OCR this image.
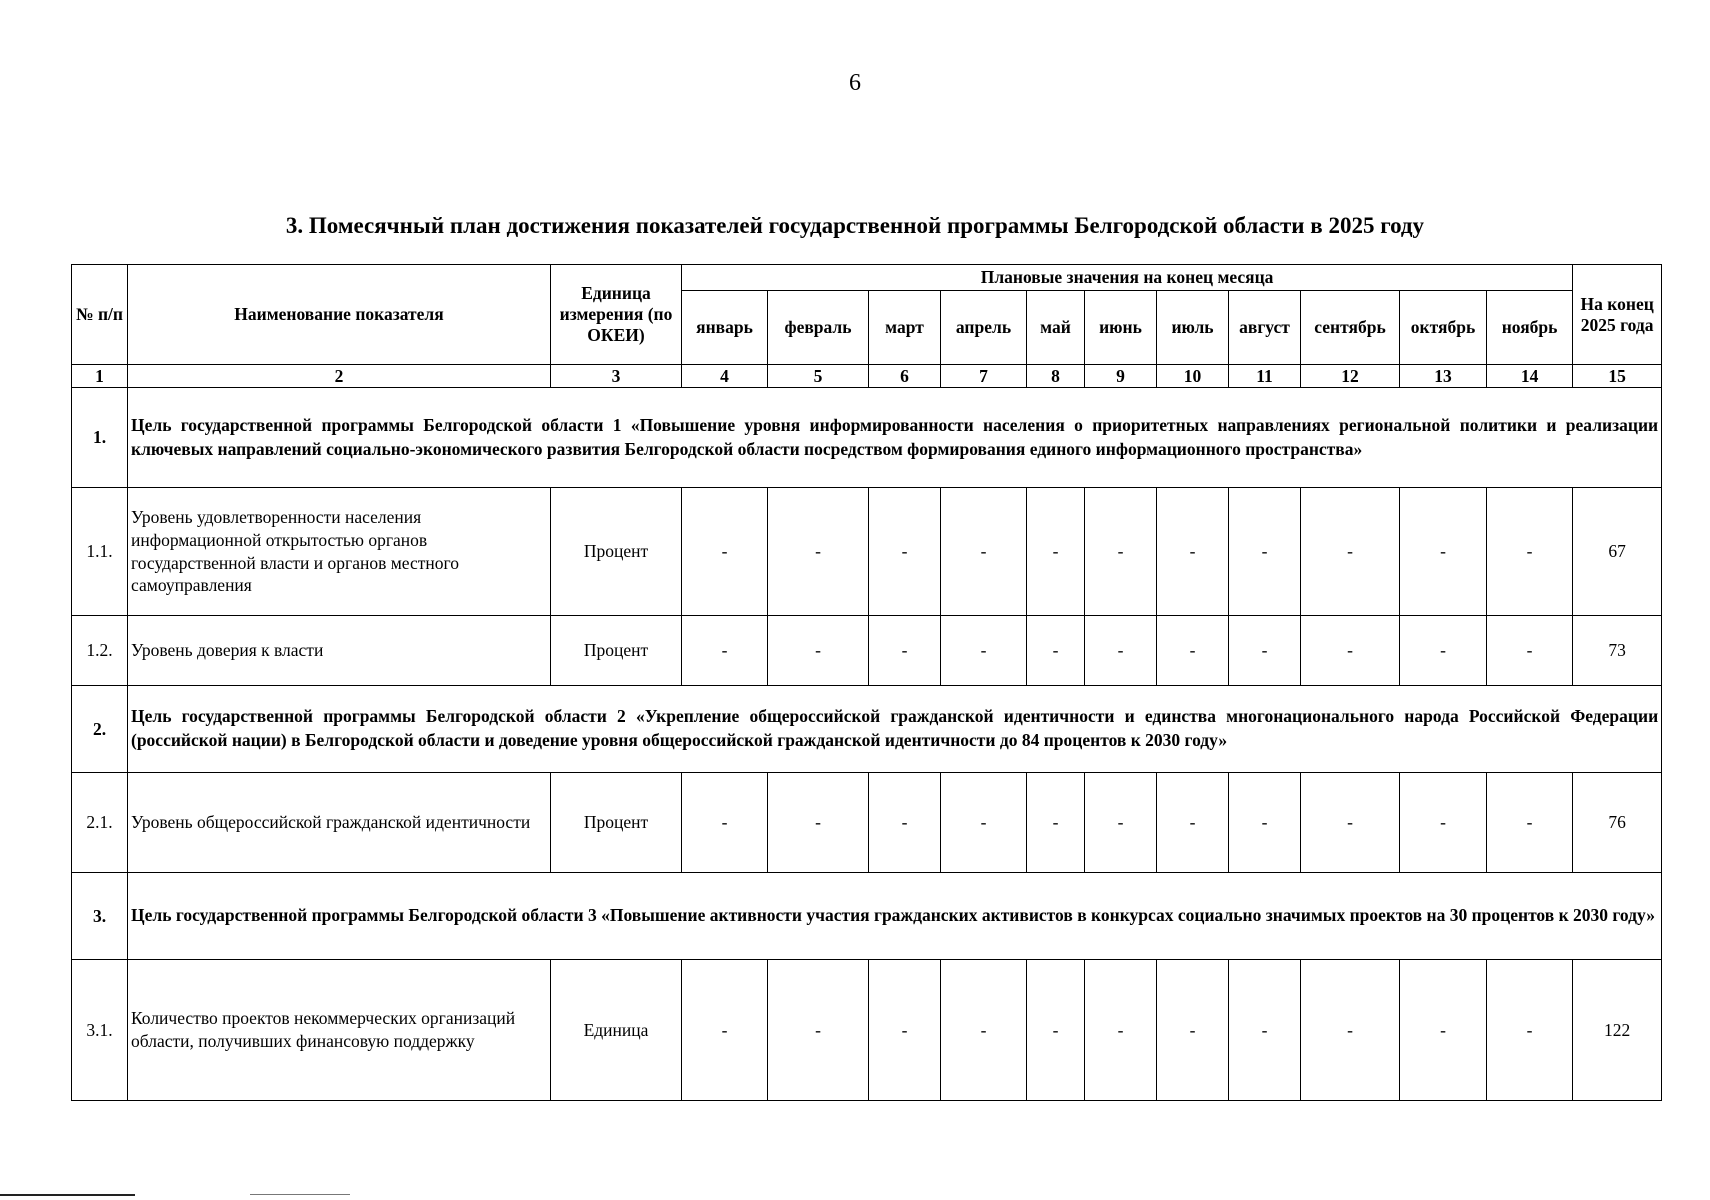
6
3. Помесячный план достижения показателей государственной программы Белгородской области в 2025 году
№ п/п	Наименование показателя	Единица измерения (по ОКЕИ)	Плановые значения на конец месяца											На конец 2025 года
			январь	февраль	март	апрель	май	июнь	июль	август	сентябрь	октябрь	ноябрь	
1	2	3	4	5	6	7	8	9	10	11	12	13	14	15
1.	Цель государственной программы Белгородской области 1 «Повышение уровня информированности населения о приоритетных направлениях региональной политики и реализации ключевых направлений социально-экономического развития Белгородской области посредством формирования единого информационного пространства»													
1.1.	Уровень удовлетворенности населения информационной открытостью органов государственной власти и органов местного самоуправления	Процент	-	-	-	-	-	-	-	-	-	-	-	67
1.2.	Уровень доверия к власти	Процент	-	-	-	-	-	-	-	-	-	-	-	73
2.	Цель государственной программы Белгородской области 2 «Укрепление общероссийской гражданской идентичности и единства многонационального народа Российской Федерации (российской нации) в Белгородской области и доведение уровня общероссийской гражданской идентичности до 84 процентов к 2030 году»													
2.1.	Уровень общероссийской гражданской идентичности	Процент	-	-	-	-	-	-	-	-	-	-	-	76
3.	Цель государственной программы Белгородской области 3 «Повышение активности участия гражданских активистов в конкурсах социально значимых проектов на 30 процентов к 2030 году»													
3.1.	Количество проектов некоммерческих организаций области, получивших финансовую поддержку	Единица	-	-	-	-	-	-	-	-	-	-	-	122
